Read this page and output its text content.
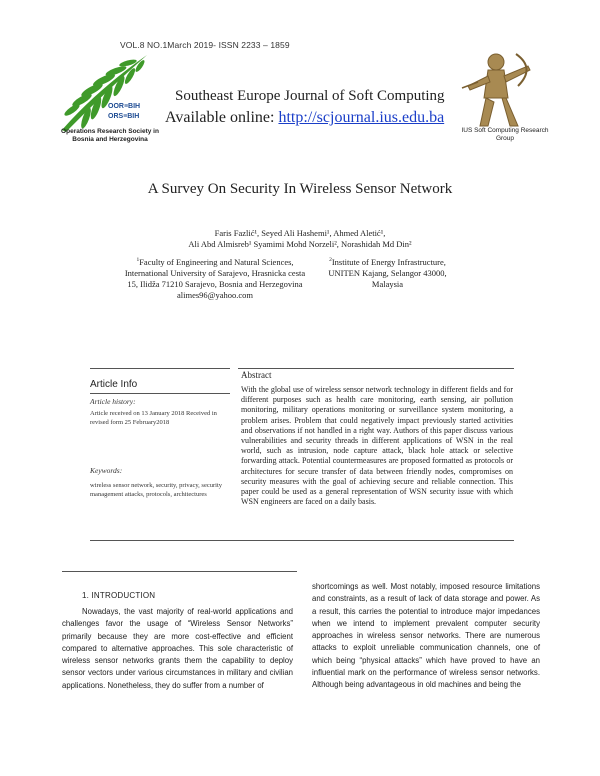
VOL.8 NO.1March 2019- ISSN 2233 – 1859
OOR≡BIH
ORS≡BIH
Operations Research Society in Bosnia and Herzegovina
Southeast Europe Journal of Soft Computing
Available online: http://scjournal.ius.edu.ba
IUS Soft Computing Research Group
A Survey On Security In Wireless Sensor Network
Faris Fazlić¹, Seyed Ali Hashemi¹, Ahmed Aletić¹,
Ali Abd Almisreb¹ Syamimi Mohd Norzeli², Norashidah Md Din²
$^1$Faculty of Engineering and Natural Sciences, International University of Sarajevo, Hrasnicka cesta 15, Ilidža 71210 Sarajevo, Bosnia and Herzegovina
alimes96@yahoo.com
$^2$Institute of Energy Infrastructure, UNITEN Kajang, Selangor 43000, Malaysia
Article Info
Article history:
Article received on 13 January 2018 Received in revised form 25 February2018
Keywords:
wireless sensor network, security, privacy, security management attacks, protocols, architectures
Abstract
With the global use of wireless sensor network technology in different fields and for different purposes such as health care monitoring, earth sensing, air pollution monitoring, military operations monitoring or surveillance system monitoring, a problem arises. Problem that could negatively impact previously started activities and observations if not handled in a right way. Authors of this paper discuss various vulnerabilities and security threads in different applications of WSN in the real world, such as intrusion, node capture attack, black hole attack or selective forwarding attack. Potential countermeasures are proposed formatted as protocols or architectures for secure transfer of data between friendly nodes, compromises on security measures with the goal of achieving secure and reliable connection. This paper could be used as a general representation of WSN security issue with which WSN engineers are faced on a daily basis.
1. INTRODUCTION
Nowadays, the vast majority of real-world applications and challenges favor the usage of “Wireless Sensor Networks” primarily because they are more cost-effective and efficient compared to alternative approaches. This sole characteristic of wireless sensor networks grants them the capability to deploy sensor vectors under various circumstances in military and civilian applications. Nonetheless, they do suffer from a number of
shortcomings as well. Most notably, imposed resource limitations and constraints, as a result of lack of data storage and power. As a result, this carries the potential to introduce major impedances when we intend to implement prevalent computer security approaches in wireless sensor networks. There are numerous attacks to exploit unreliable communication channels, one of which being “physical attacks” which have proved to have an influential mark on the performance of wireless sensor networks. Although being advantageous in old machines and being the
